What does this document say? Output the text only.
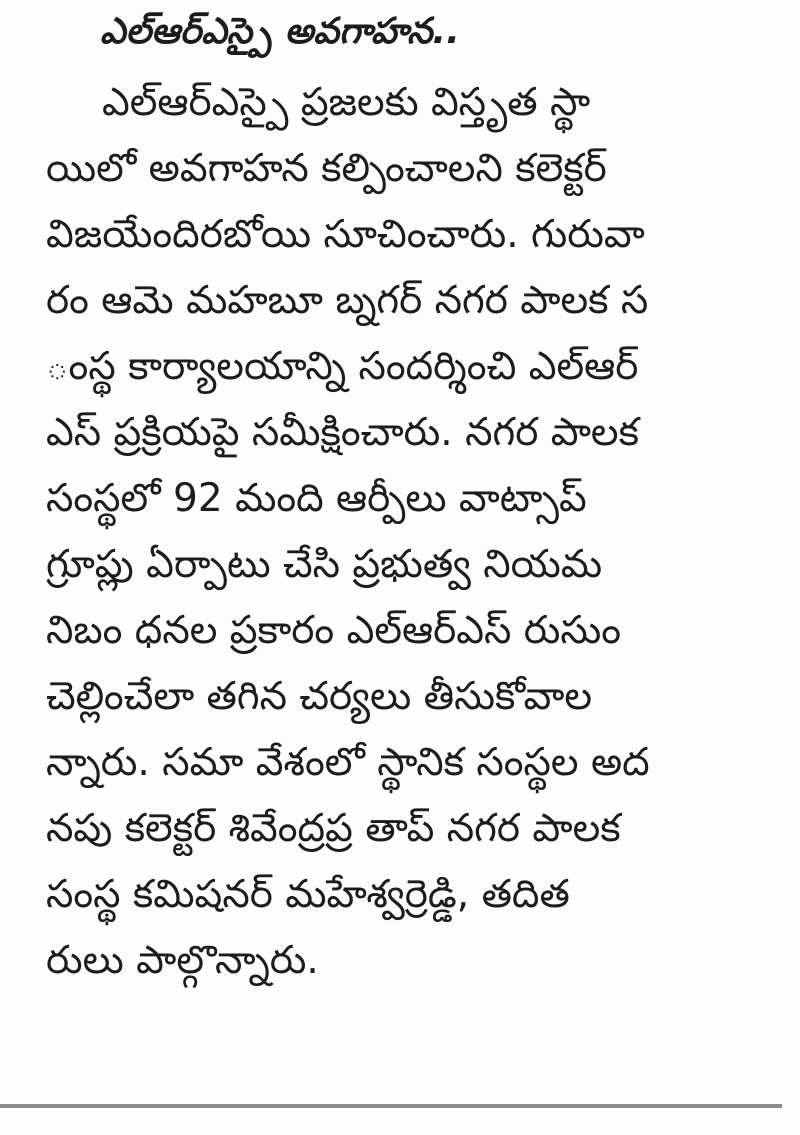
ఎల్ఆర్ఎస్పై అవగాహన..
ఎల్ఆర్ఎస్పై ప్రజలకు విస్తృత స్థా
యిలో అవగాహన కల్పించాలని కలెక్టర్
విజయేందిరబోయి సూచించారు. గురువా
రం ఆమె మహబూ బ్నగర్ నగర పాలక స
ంస్థ కార్యాలయాన్ని సందర్శించి ఎల్ఆర్
ఎస్ ప్రక్రియపై సమీక్షించారు. నగర పాలక
సంస్థలో 92 మంది ఆర్పీలు వాట్సాప్
గ్రూప్లు ఏర్పాటు చేసి ప్రభుత్వ నియమ
నిబం ధనల ప్రకారం ఎల్ఆర్ఎస్ రుసుం
చెల్లించేలా తగిన చర్యలు తీసుకోవాల
న్నారు. సమా వేశంలో స్థానిక సంస్థల అద
నపు కలెక్టర్ శివేంద్రప్ర తాప్ నగర పాలక
సంస్థ కమిషనర్ మహేశ్వర్రెడ్డి, తదిత
రులు పాల్గొన్నారు.
